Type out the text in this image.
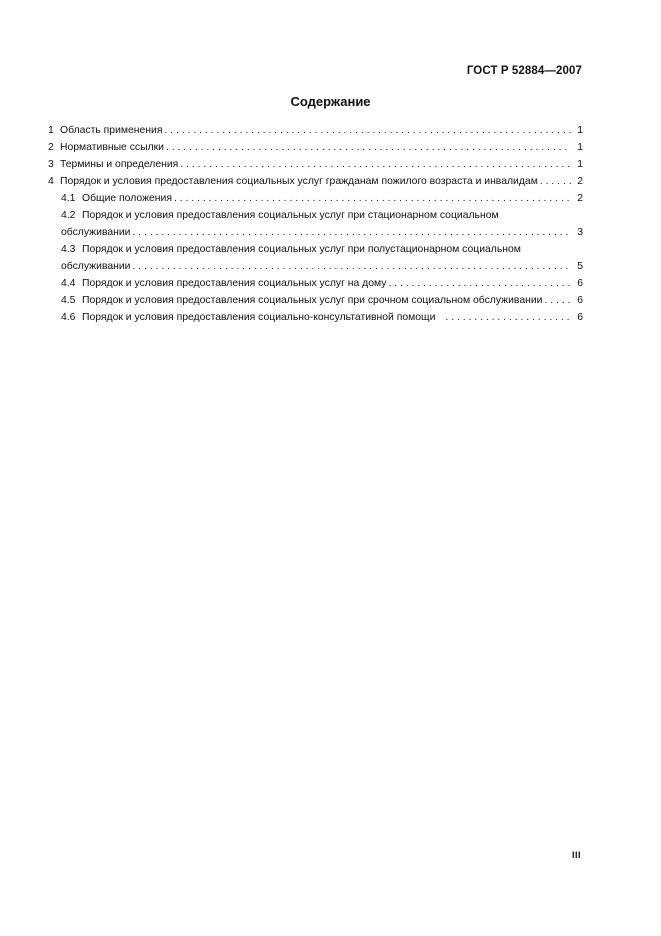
ГОСТ Р 52884—2007
Содержание
1 Область применения . . .	1
2 Нормативные ссылки . . .	1
3 Термины и определения . . .	1
4 Порядок и условия предоставления социальных услуг гражданам пожилого возраста и инвалидам . . .	2
4.1 Общие положения . . .	2
4.2 Порядок и условия предоставления социальных услуг при стационарном социальном
обслуживании . . .	3
4.3 Порядок и условия предоставления социальных услуг при полустационарном социальном
обслуживании . . .	5
4.4 Порядок и условия предоставления социальных услуг на дому . . .	6
4.5 Порядок и условия предоставления социальных услуг при срочном социальном обслуживании . . .	6
4.6 Порядок и условия предоставления социально-консультативной помощи . . .	6
III
